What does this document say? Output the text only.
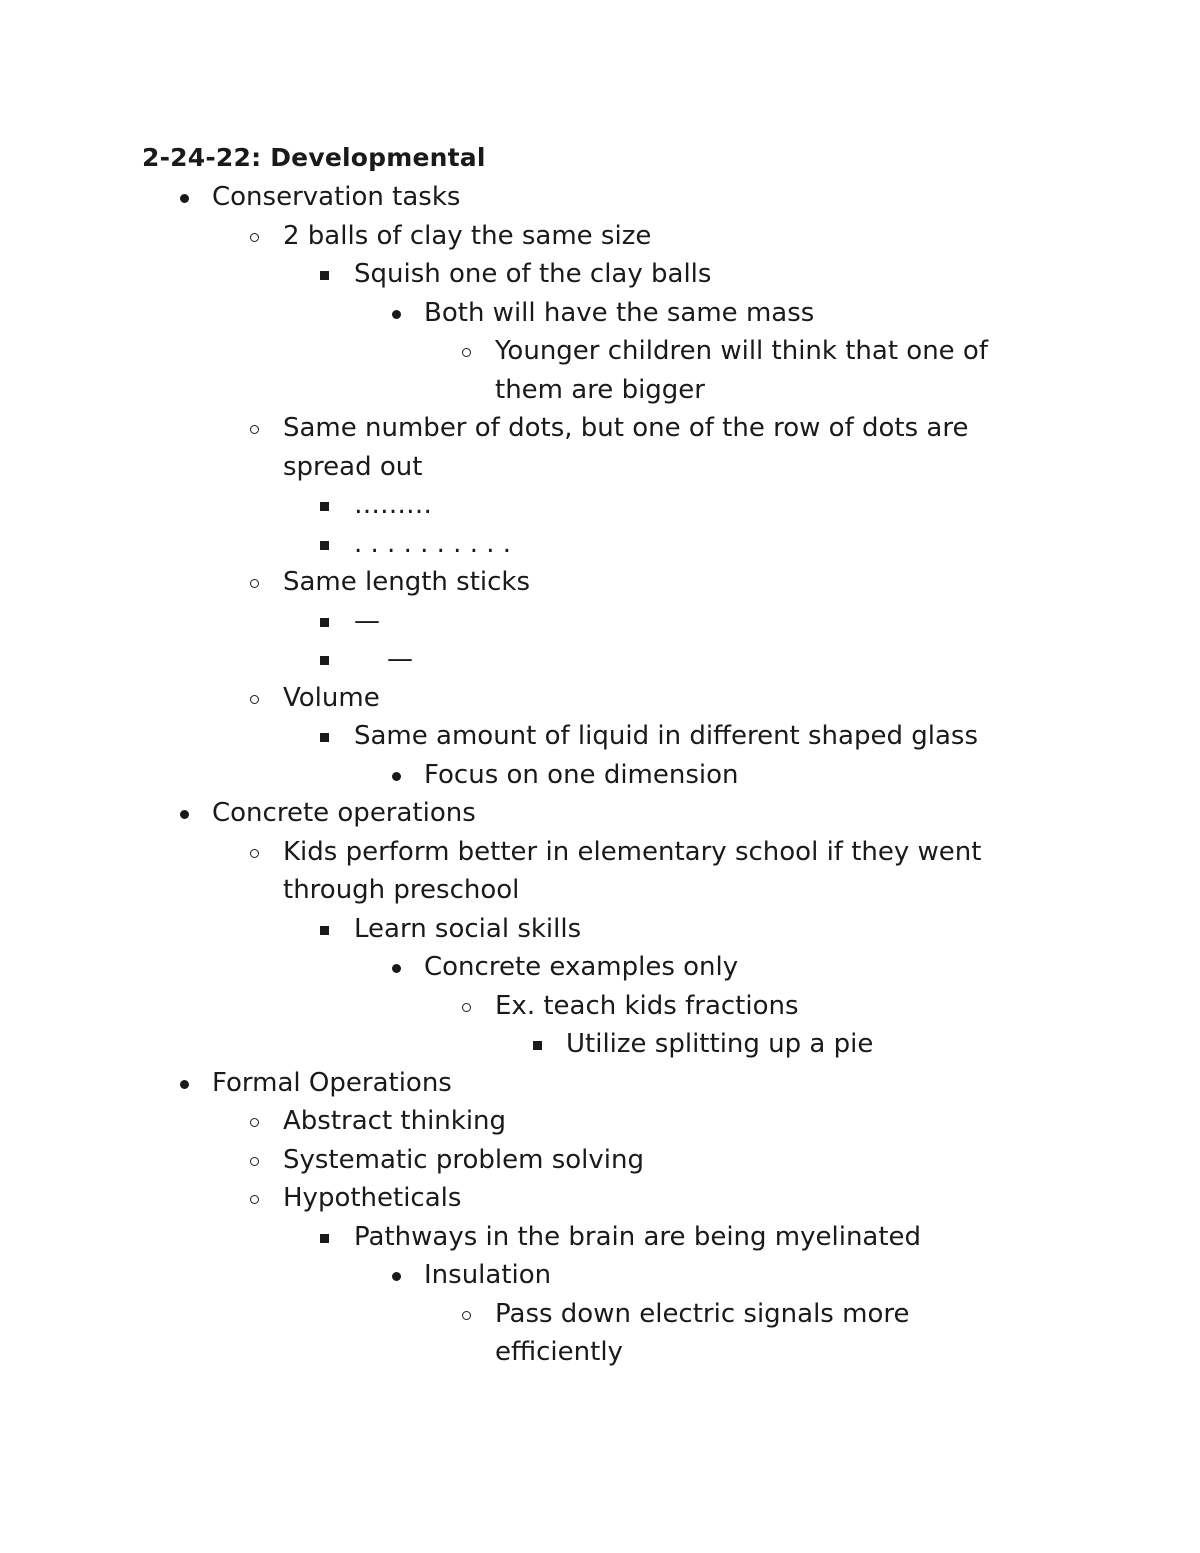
2-24-22: Developmental
Conservation tasks
2 balls of clay the same size
Squish one of the clay balls
Both will have the same mass
Younger children will think that one of
them are bigger
Same number of dots, but one of the row of dots are
spread out
………
. . . . . . . . . .
Same length sticks
—
—
Volume
Same amount of liquid in different shaped glass
Focus on one dimension
Concrete operations
Kids perform better in elementary school if they went
through preschool
Learn social skills
Concrete examples only
Ex. teach kids fractions
Utilize splitting up a pie
Formal Operations
Abstract thinking
Systematic problem solving
Hypotheticals
Pathways in the brain are being myelinated
Insulation
Pass down electric signals more
efficiently
